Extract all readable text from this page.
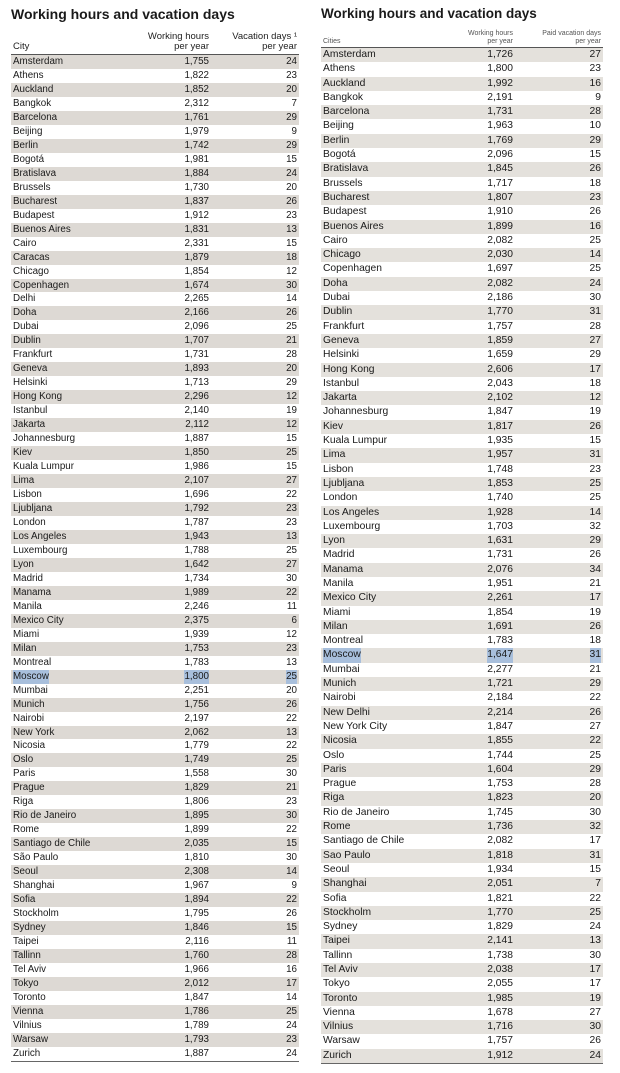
Working hours and vacation days
City
Working hours
per year
Vacation days ¹
per year
Amsterdam	1,755	24
Athens	1,822	23
Auckland	1,852	20
Bangkok	2,312	7
Barcelona	1,761	29
Beijing	1,979	9
Berlin	1,742	29
Bogotá	1,981	15
Bratislava	1,884	24
Brussels	1,730	20
Bucharest	1,837	26
Budapest	1,912	23
Buenos Aires	1,831	13
Cairo	2,331	15
Caracas	1,879	18
Chicago	1,854	12
Copenhagen	1,674	30
Delhi	2,265	14
Doha	2,166	26
Dubai	2,096	25
Dublin	1,707	21
Frankfurt	1,731	28
Geneva	1,893	20
Helsinki	1,713	29
Hong Kong	2,296	12
Istanbul	2,140	19
Jakarta	2,112	12
Johannesburg	1,887	15
Kiev	1,850	25
Kuala Lumpur	1,986	15
Lima	2,107	27
Lisbon	1,696	22
Ljubljana	1,792	23
London	1,787	23
Los Angeles	1,943	13
Luxembourg	1,788	25
Lyon	1,642	27
Madrid	1,734	30
Manama	1,989	22
Manila	2,246	11
Mexico City	2,375	6
Miami	1,939	12
Milan	1,753	23
Montreal	1,783	13
Moscow	1,800	25
Mumbai	2,251	20
Munich	1,756	26
Nairobi	2,197	22
New York	2,062	13
Nicosia	1,779	22
Oslo	1,749	25
Paris	1,558	30
Prague	1,829	21
Riga	1,806	23
Rio de Janeiro	1,895	30
Rome	1,899	22
Santiago de Chile	2,035	15
São Paulo	1,810	30
Seoul	2,308	14
Shanghai	1,967	9
Sofia	1,894	22
Stockholm	1,795	26
Sydney	1,846	15
Taipei	2,116	11
Tallinn	1,760	28
Tel Aviv	1,966	16
Tokyo	2,012	17
Toronto	1,847	14
Vienna	1,786	25
Vilnius	1,789	24
Warsaw	1,793	23
Zurich	1,887	24
Working hours and vacation days
Cities
Working hours
per year
Paid vacation days
per year
Amsterdam	1,726	27
Athens	1,800	23
Auckland	1,992	16
Bangkok	2,191	9
Barcelona	1,731	28
Beijing	1,963	10
Berlin	1,769	29
Bogotá	2,096	15
Bratislava	1,845	26
Brussels	1,717	18
Bucharest	1,807	23
Budapest	1,910	26
Buenos Aires	1,899	16
Cairo	2,082	25
Chicago	2,030	14
Copenhagen	1,697	25
Doha	2,082	24
Dubai	2,186	30
Dublin	1,770	31
Frankfurt	1,757	28
Geneva	1,859	27
Helsinki	1,659	29
Hong Kong	2,606	17
Istanbul	2,043	18
Jakarta	2,102	12
Johannesburg	1,847	19
Kiev	1,817	26
Kuala Lumpur	1,935	15
Lima	1,957	31
Lisbon	1,748	23
Ljubljana	1,853	25
London	1,740	25
Los Angeles	1,928	14
Luxembourg	1,703	32
Lyon	1,631	29
Madrid	1,731	26
Manama	2,076	34
Manila	1,951	21
Mexico City	2,261	17
Miami	1,854	19
Milan	1,691	26
Montreal	1,783	18
Moscow	1,647	31
Mumbai	2,277	21
Munich	1,721	29
Nairobi	2,184	22
New Delhi	2,214	26
New York City	1,847	27
Nicosia	1,855	22
Oslo	1,744	25
Paris	1,604	29
Prague	1,753	28
Riga	1,823	20
Rio de Janeiro	1,745	30
Rome	1,736	32
Santiago de Chile	2,082	17
Sao Paulo	1,818	31
Seoul	1,934	15
Shanghai	2,051	7
Sofia	1,821	22
Stockholm	1,770	25
Sydney	1,829	24
Taipei	2,141	13
Tallinn	1,738	30
Tel Aviv	2,038	17
Tokyo	2,055	17
Toronto	1,985	19
Vienna	1,678	27
Vilnius	1,716	30
Warsaw	1,757	26
Zurich	1,912	24
